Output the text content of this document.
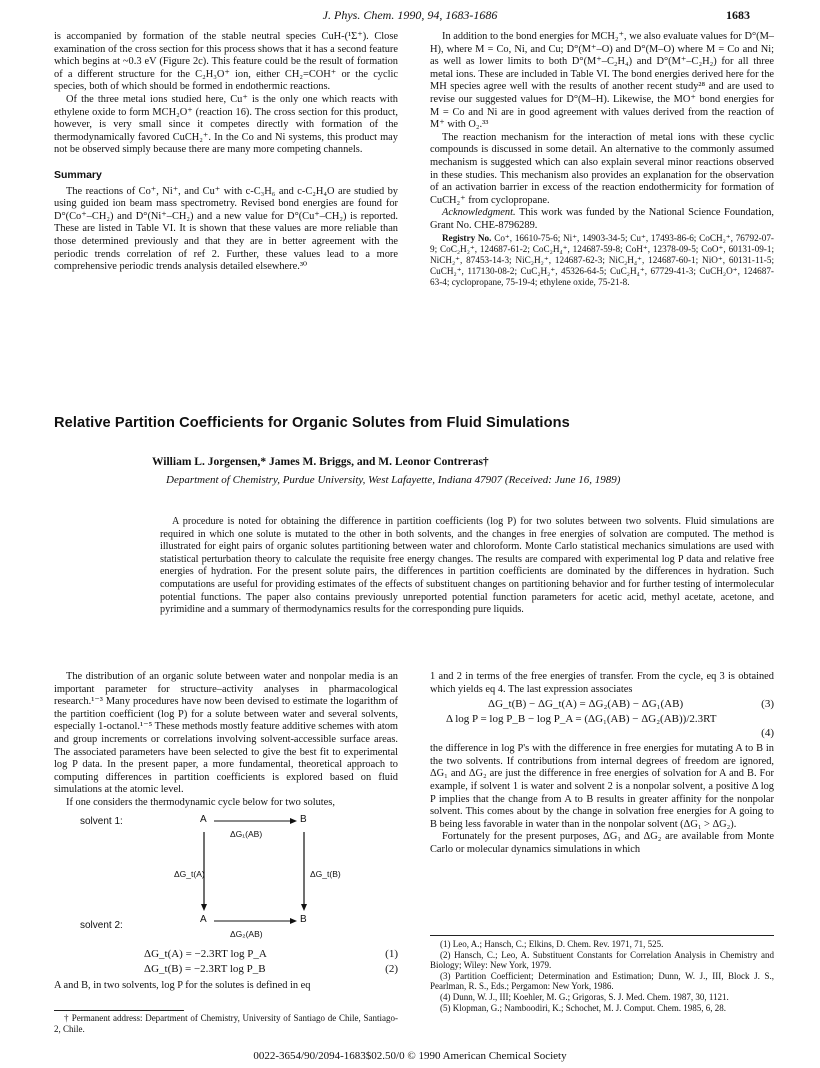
J. Phys. Chem. 1990, 94, 1683-1686	1683

is accompanied by formation of the stable neutral species CuH-(¹Σ⁺). Close examination of the cross section for this process shows that it has a second feature which begins at ~0.3 eV (Figure 2c). This feature could be the result of formation of a different structure for the C₂H₃O⁺ ion, either CH₂=COH⁺ or the cyclic species, both of which should be formed in endothermic reactions.

Of the three metal ions studied here, Cu⁺ is the only one which reacts with ethylene oxide to form MCH₂O⁺ (reaction 16). The cross section for this product, however, is very small since it competes directly with formation of the thermodynamically favored CuCH₂⁺. In the Co and Ni systems, this product may not be observed simply because there are many more competing channels.

Summary

The reactions of Co⁺, Ni⁺, and Cu⁺ with c-C₃H₆ and c-C₂H₄O are studied by using guided ion beam mass spectrometry. Revised bond energies are found for D°(Co⁺–CH₂) and D°(Ni⁺–CH₂) and a new value for D°(Cu⁺–CH₂) is reported. These are listed in Table VI. It is shown that these values are more reliable than those determined previously and that they are in better agreement with the periodic trends correlation of ref 2. Further, these values lead to a more comprehensive periodic trends analysis detailed elsewhere.³⁰

In addition to the bond energies for MCH₂⁺, we also evaluate values for D°(M–H), where M = Co, Ni, and Cu; D°(M⁺–O) and D°(M–O) where M = Co and Ni; as well as lower limits to both D°(M⁺–C₂H₄) and D°(M⁺–C₂H₂) for all three metal ions. These are included in Table VI. The bond energies derived here for the MH species agree well with the results of another recent study²⁸ and are used to revise our suggested values for D°(M–H). Likewise, the MO⁺ bond energies for M = Co and Ni are in good agreement with values derived from the reaction of M⁺ with O₂.³³

The reaction mechanism for the interaction of metal ions with these cyclic compounds is discussed in some detail. An alternative to the commonly assumed mechanism is suggested which can also explain several minor reactions observed in these studies. This mechanism also provides an explanation for the observation of an activation barrier in excess of the reaction endothermicity for formation of CuCH₂⁺ from cyclopropane.

Acknowledgment. This work was funded by the National Science Foundation, Grant No. CHE-8796289.

Registry No. Co⁺, 16610-75-6; Ni⁺, 14903-34-5; Cu⁺, 17493-86-6; CoCH₂⁺, 76792-07-9; CoC₂H₂⁺, 124687-61-2; CoC₂H₄⁺, 124687-59-8; CoH⁺, 12378-09-5; CoO⁺, 60131-09-1; NiCH₂⁺, 87453-14-3; NiC₂H₂⁺, 124687-62-3; NiC₂H₄⁺, 124687-60-1; NiO⁺, 60131-11-5; CuCH₂⁺, 117130-08-2; CuC₂H₂⁺, 45326-64-5; CuC₂H₄⁺, 67729-41-3; CuCH₂O⁺, 124687-63-4; cyclopropane, 75-19-4; ethylene oxide, 75-21-8.

Relative Partition Coefficients for Organic Solutes from Fluid Simulations
William L. Jorgensen,* James M. Briggs, and M. Leonor Contreras†
Department of Chemistry, Purdue University, West Lafayette, Indiana 47907 (Received: June 16, 1989)
A procedure is noted for obtaining the difference in partition coefficients (log P) for two solutes between two solvents. Fluid simulations are required in which one solute is mutated to the other in both solvents, and the changes in free energies of solvation are computed. The method is illustrated for eight pairs of organic solutes partitioning between water and chloroform. Monte Carlo statistical mechanics simulations are used with statistical perturbation theory to calculate the requisite free energy changes. The results are compared with experimental log P data and relative free energies of hydration. For the present solute pairs, the differences in partition coefficients are dominated by the differences in hydration. Such computations are useful for providing estimates of the effects of substituent changes on partitioning behavior and for further testing of intermolecular potential functions. The paper also contains previously unreported potential function parameters for acetic acid, methyl acetate, acetone, and pyrimidine and a summary of thermodynamics results for the corresponding pure liquids.

The distribution of an organic solute between water and nonpolar media is an important parameter for structure–activity analyses in pharmacological research.¹⁻³ Many procedures have now been devised to estimate the logarithm of the partition coefficient (log P) for a solute between water and several solvents, especially 1-octanol.¹⁻⁵ These methods mostly feature additive schemes with atom and group increments or correlations involving solvent-accessible surface areas. The associated parameters have been selected to give the best fit to experimental log P data. In the present paper, a more fundamental, theoretical approach to computing differences in partition coefficients is explored based on fluid simulations at the atomic level.

If one considers the thermodynamic cycle below for two solutes,

solvent 1:	A	B
ΔG₁(AB)
ΔG_t(A)	ΔG_t(B)
solvent 2:
A	B
ΔG₂(AB)
ΔG_t(A) = −2.3RT log P_A	(1)
ΔG_t(B) = −2.3RT log P_B	(2)

A and B, in two solvents, log P for the solutes is defined in eq

† Permanent address: Department of Chemistry, University of Santiago de Chile, Santiago-2, Chile.

1 and 2 in terms of the free energies of transfer. From the cycle, eq 3 is obtained which yields eq 4. The last expression associates

ΔG_t(B) − ΔG_t(A) = ΔG₂(AB) − ΔG₁(AB)	(3)
Δ log P = log P_B − log P_A = (ΔG₁(AB) − ΔG₂(AB))/2.3RT
(4)

the difference in log P's with the difference in free energies for mutating A to B in the two solvents. If contributions from internal degrees of freedom are ignored, ΔG₁ and ΔG₂ are just the difference in free energies of solvation for A and B. For example, if solvent 1 is water and solvent 2 is a nonpolar solvent, a positive Δ log P implies that the change from A to B results in greater affinity for the nonpolar solvent. This comes about by the change in solvation free energies for A going to B being less favorable in water than in the nonpolar solvent (ΔG₁ > ΔG₂).

Fortunately for the present purposes, ΔG₁ and ΔG₂ are available from Monte Carlo or molecular dynamics simulations in which

(1) Leo, A.; Hansch, C.; Elkins, D. Chem. Rev. 1971, 71, 525.

(2) Hansch, C.; Leo, A. Substituent Constants for Correlation Analysis in Chemistry and Biology; Wiley: New York, 1979.

(3) Partition Coefficient; Determination and Estimation; Dunn, W. J., III, Block J. S., Pearlman, R. S., Eds.; Pergamon: New York, 1986.

(4) Dunn, W. J., III; Koehler, M. G.; Grigoras, S. J. Med. Chem. 1987, 30, 1121.

(5) Klopman, G.; Namboodiri, K.; Schochet, M. J. Comput. Chem. 1985, 6, 28.

0022-3654/90/2094-1683$02.50/0 © 1990 American Chemical Society
